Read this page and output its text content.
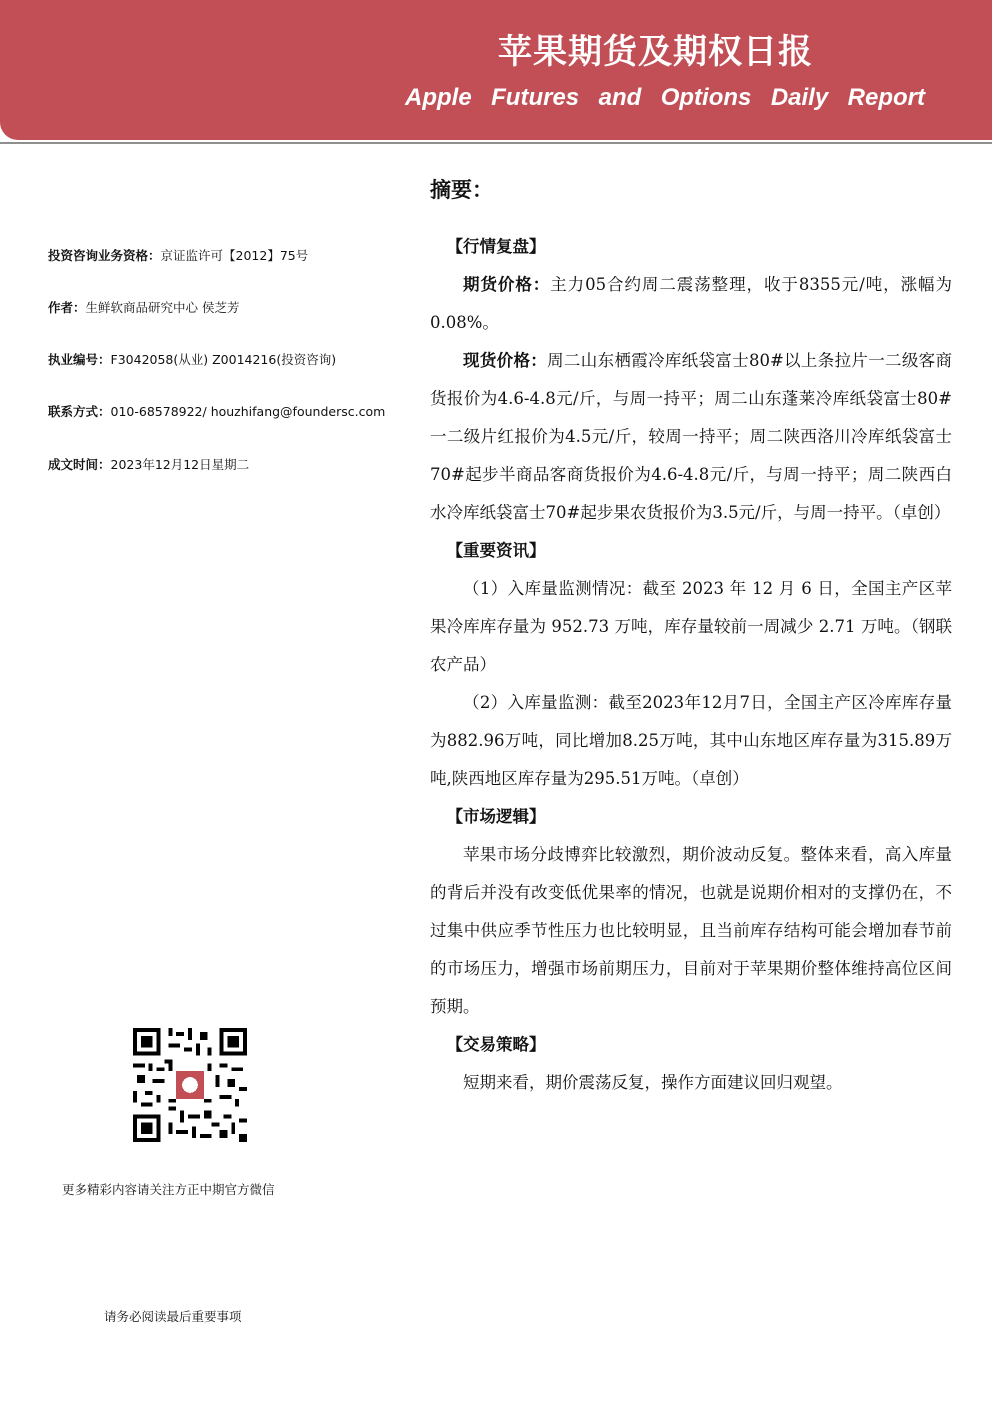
苹果期货及期权日报
Apple Futures and Options Daily Report
投资咨询业务资格：京证监许可【2012】75号
作者：生鲜软商品研究中心 侯芝芳
执业编号：F3042058(从业) Z0014216(投资咨询)
联系方式：010-68578922/ houzhifang@foundersc.com
成文时间：2023年12月12日星期二
更多精彩内容请关注方正中期官方微信
请务必阅读最后重要事项
摘要：

【行情复盘】

期货价格：主力05合约周二震荡整理，收于8355元/吨，涨幅为0.08%。

现货价格：周二山东栖霞冷库纸袋富士80#以上条拉片一二级客商货报价为4.6-4.8元/斤，与周一持平；周二山东蓬莱冷库纸袋富士80#一二级片红报价为4.5元/斤，较周一持平；周二陕西洛川冷库纸袋富士70#起步半商品客商货报价为4.6-4.8元/斤，与周一持平；周二陕西白水冷库纸袋富士70#起步果农货报价为3.5元/斤，与周一持平。（卓创）

【重要资讯】

（1）入库量监测情况：截至 2023 年 12 月 6 日，全国主产区苹果冷库库存量为 952.73 万吨，库存量较前一周减少 2.71 万吨。（钢联农产品）

（2）入库量监测：截至2023年12月7日，全国主产区冷库库存量为882.96万吨，同比增加8.25万吨，其中山东地区库存量为315.89万吨,陕西地区库存量为295.51万吨。（卓创）

【市场逻辑】

苹果市场分歧博弈比较激烈，期价波动反复。整体来看，高入库量的背后并没有改变低优果率的情况，也就是说期价相对的支撑仍在，不过集中供应季节性压力也比较明显，且当前库存结构可能会增加春节前的市场压力，增强市场前期压力，目前对于苹果期价整体维持高位区间预期。

【交易策略】

短期来看，期价震荡反复，操作方面建议回归观望。
